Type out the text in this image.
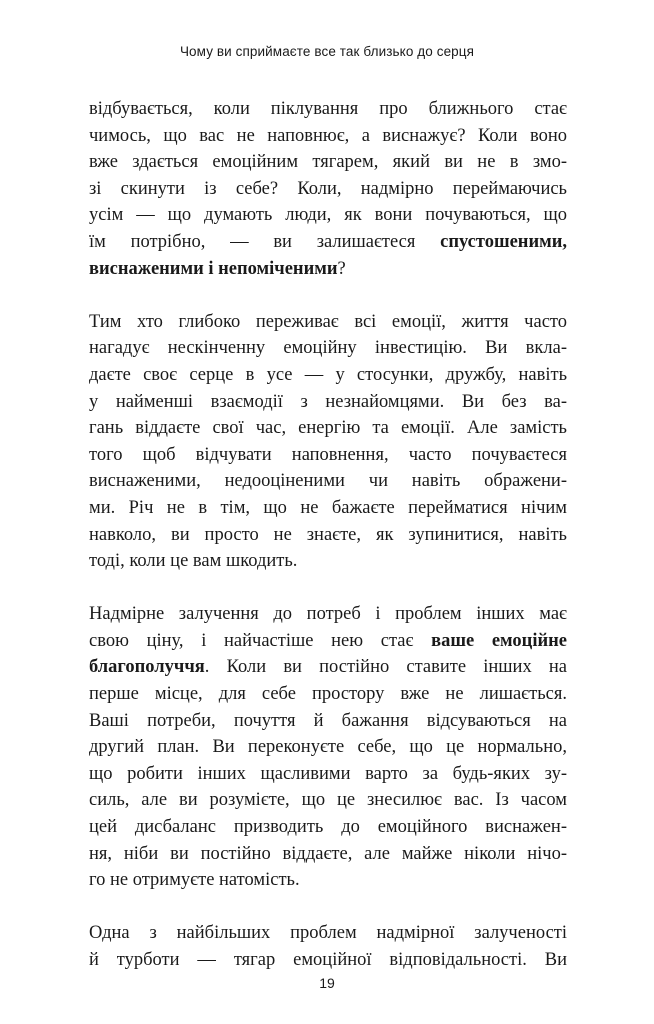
Чому ви сприймаєте все так близько до серця
відбувається, коли піклування про ближнього стає
чимось, що вас не наповнює, а виснажує? Коли воно
вже здається емоційним тягарем, який ви не в змо-
зі скинути із себе? Коли, надмірно переймаючись
усім — що думають люди, як вони почуваються, що
їм потрібно, — ви залишаєтеся спустошеними,
виснаженими і непоміченими?
Тим хто глибоко переживає всі емоції, життя часто
нагадує нескінченну емоційну інвестицію. Ви вкла-
даєте своє серце в усе — у стосунки, дружбу, навіть
у найменші взаємодії з незнайомцями. Ви без ва-
гань віддаєте свої час, енергію та емоції. Але замість
того щоб відчувати наповнення, часто почуваєтеся
виснаженими, недооціненими чи навіть ображени-
ми. Річ не в тім, що не бажаєте перейматися нічим
навколо, ви просто не знаєте, як зупинитися, навіть
тоді, коли це вам шкодить.
Надмірне залучення до потреб і проблем інших має
свою ціну, і найчастіше нею стає ваше емоційне
благополуччя. Коли ви постійно ставите інших на
перше місце, для себе простору вже не лишається.
Ваші потреби, почуття й бажання відсуваються на
другий план. Ви переконуєте себе, що це нормально,
що робити інших щасливими варто за будь-яких зу-
силь, але ви розумієте, що це знесилює вас. Із часом
цей дисбаланс призводить до емоційного виснажен-
ня, ніби ви постійно віддаєте, але майже ніколи нічо-
го не отримуєте натомість.
Одна з найбільших проблем надмірної залученості
й турботи — тягар емоційної відповідальності. Ви
19
